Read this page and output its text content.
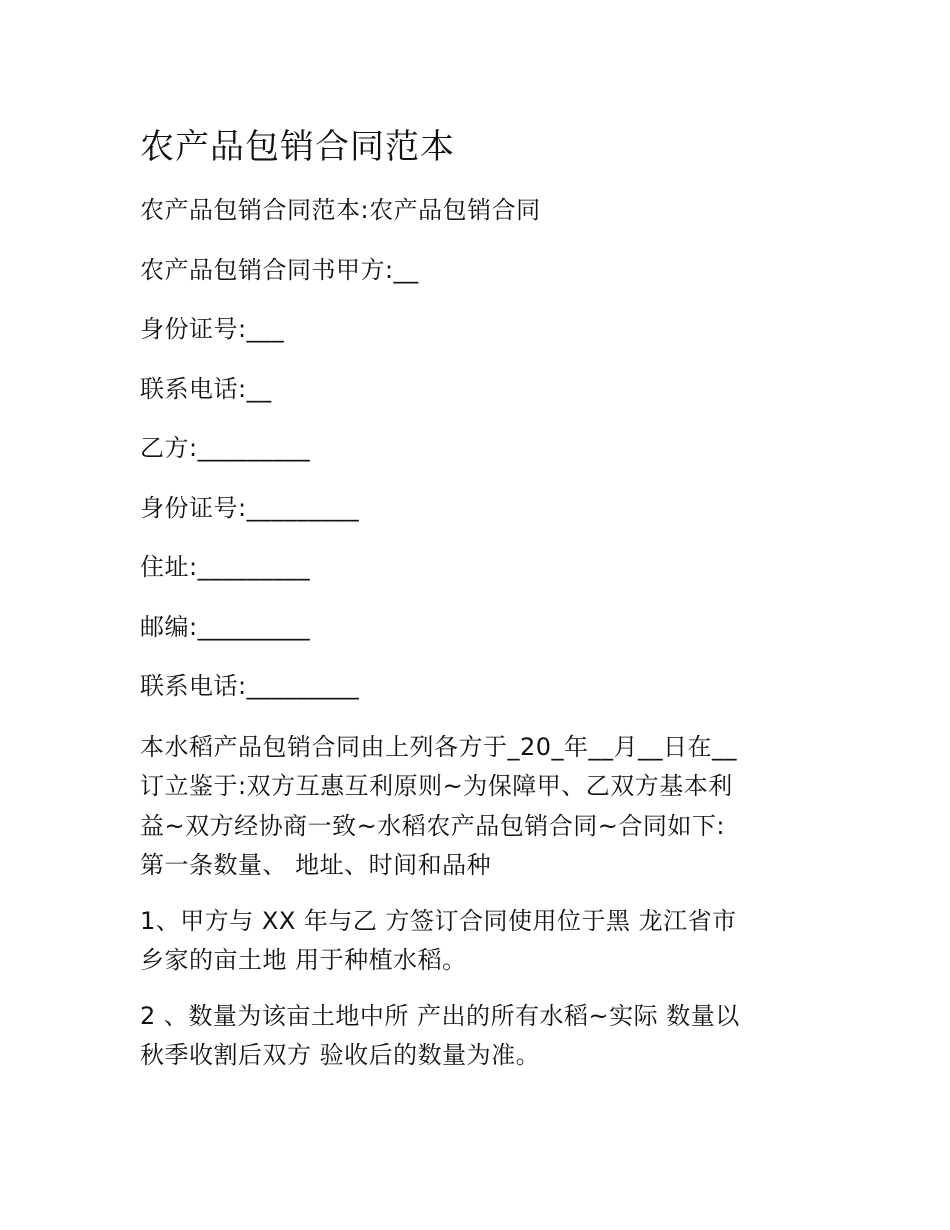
农产品包销合同范本
农产品包销合同范本:农产品包销合同
农产品包销合同书甲方:__
身份证号:___
联系电话:__
乙方:_________
身份证号:_________
住址:_________
邮编:_________
联系电话:_________

本水稻产品包销合同由上列各方于_20_年__月__日在__
订立鉴于:双方互惠互利原则~为保障甲、乙双方基本利
益~双方经协商一致~水稻农产品包销合同~合同如下:
第一条数量、 地址、时间和品种

1、甲方与 XX 年与乙 方签订合同使用位于黑 龙江省市
乡家的亩土地 用于种植水稻。

2 、数量为该亩土地中所 产出的所有水稻~实际 数量以
秋季收割后双方 验收后的数量为准。
